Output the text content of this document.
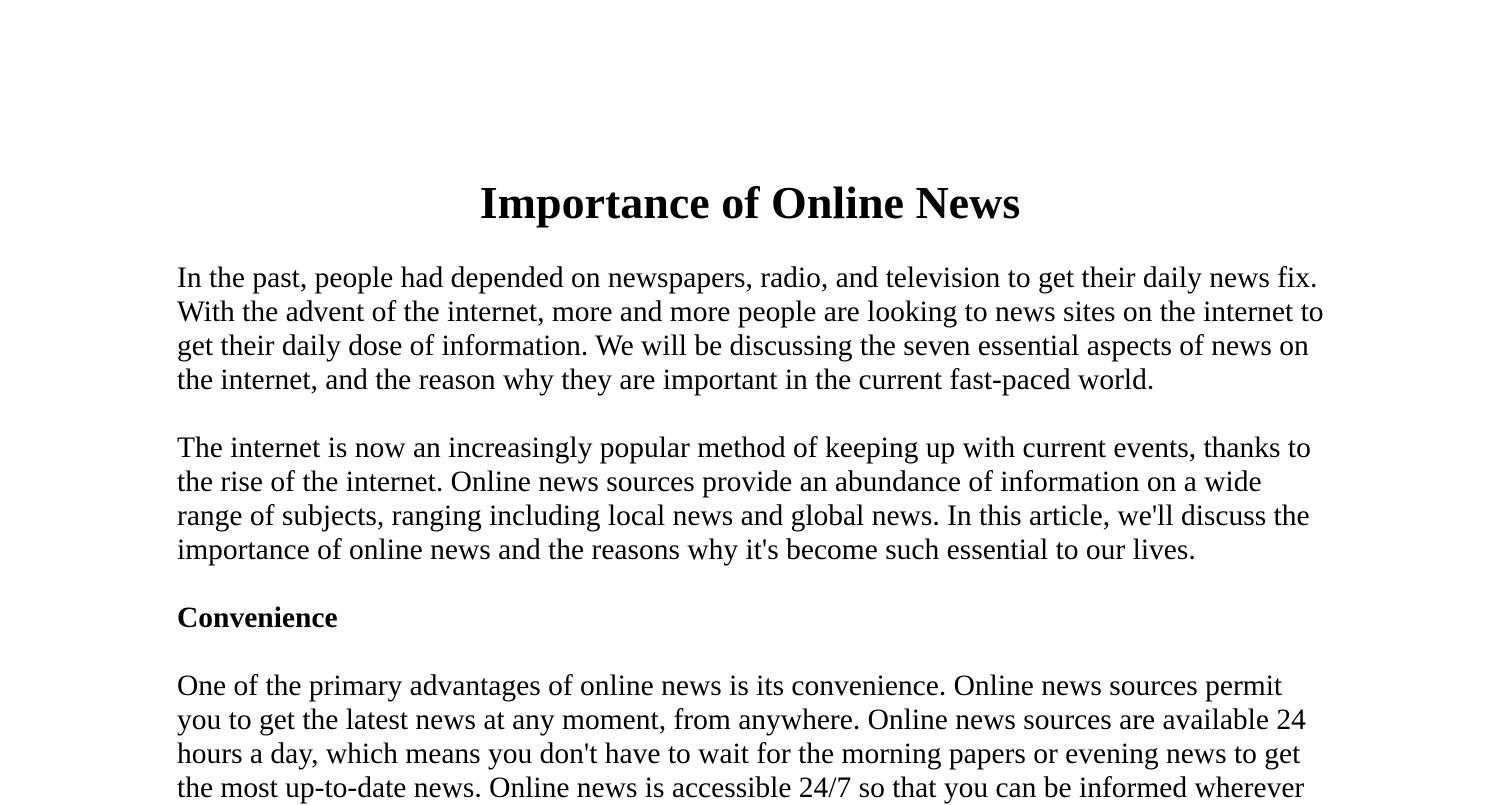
Importance of Online News

In the past, people had depended on newspapers, radio, and television to get their daily news fix.
With the advent of the internet, more and more people are looking to news sites on the internet to
get their daily dose of information. We will be discussing the seven essential aspects of news on
the internet, and the reason why they are important in the current fast-paced world.

The internet is now an increasingly popular method of keeping up with current events, thanks to
the rise of the internet. Online news sources provide an abundance of information on a wide
range of subjects, ranging including local news and global news. In this article, we'll discuss the
importance of online news and the reasons why it's become such essential to our lives.

Convenience

One of the primary advantages of online news is its convenience. Online news sources permit
you to get the latest news at any moment, from anywhere. Online news sources are available 24
hours a day, which means you don't have to wait for the morning papers or evening news to get
the most up-to-date news. Online news is accessible 24/7 so that you can be informed wherever
